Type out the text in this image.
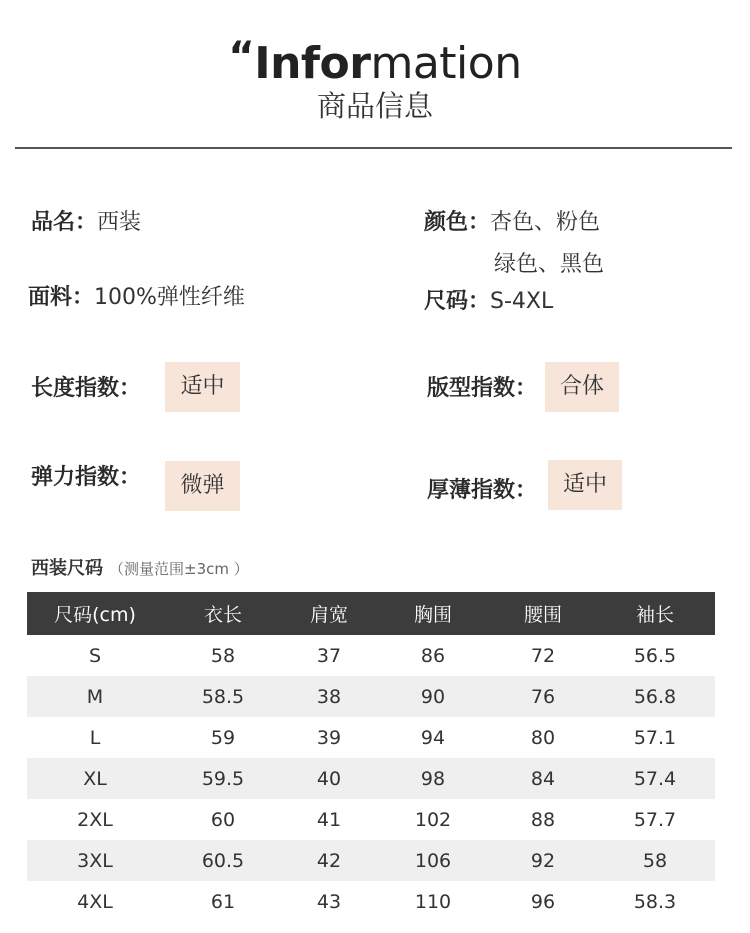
“Information
商品信息
品名：西装	颜色：杏色、粉色
绿色、黑色
面料：100%弹性纤维	尺码：S-4XL
长度指数：	适中	版型指数：	合体
弹力指数：	微弹	厚薄指数：	适中
西装尺码 （测量范围±3cm ）
尺码(cm)	衣长	肩宽	胸围	腰围	袖长
S	58	37	86	72	56.5
M	58.5	38	90	76	56.8
L	59	39	94	80	57.1
XL	59.5	40	98	84	57.4
2XL	60	41	102	88	57.7
3XL	60.5	42	106	92	58
4XL	61	43	110	96	58.3
